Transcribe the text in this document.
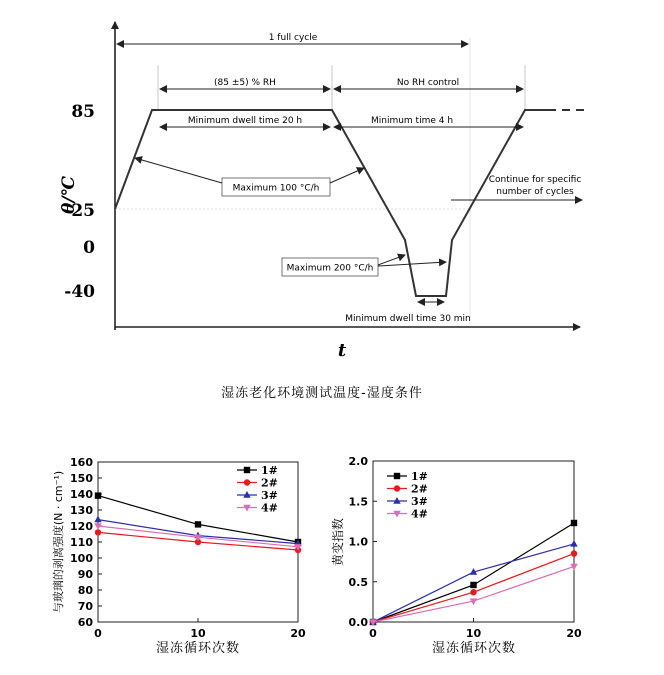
85
25
0
-40
θ/℃
t
1 full cycle
(85 ±5) % RH	No RH control
Minimum dwell time 20 h	Minimum time 4 h
Maximum 100 °C/h
Maximum 200 °C/h
Minimum dwell time 30 min
Continue for specific
number of cycles
湿冻老化环境测试温度-湿度条件
与玻璃的剥离强度(N · cm⁻¹)
湿冻循环次数
60
70
80
90
100
110
120
130
140
150
160
0	10	20
1#
2#
3#
4#
黄变指数
湿冻循环次数
0.0
0.5
1.0
1.5
2.0
0	10	20
1#
2#
3#
4#
